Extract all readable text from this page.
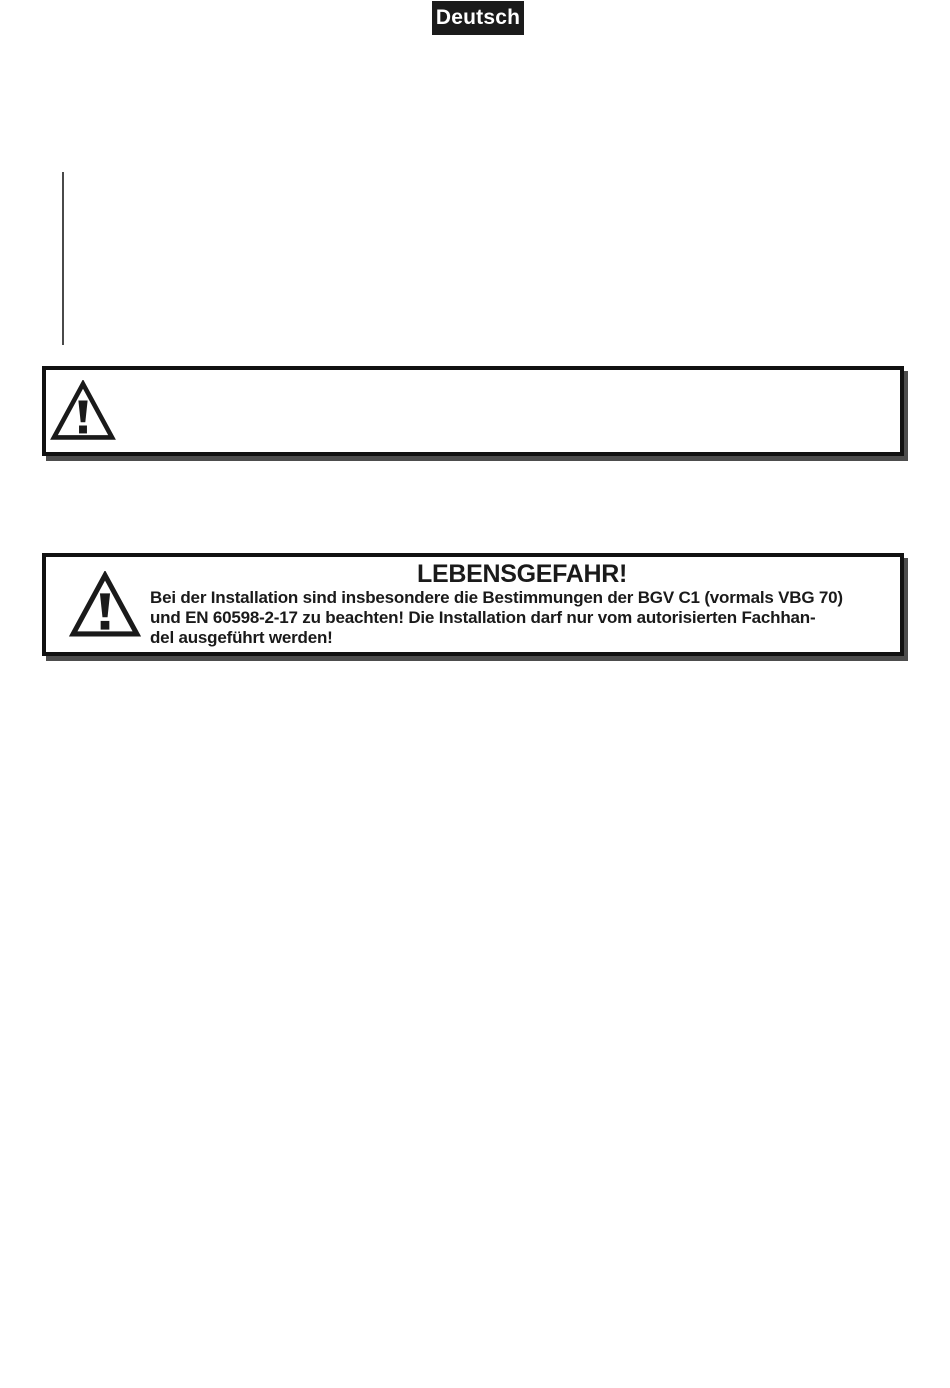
Deutsch
LEBENSGEFAHR!
Bei der Installation sind insbesondere die Bestimmungen der BGV C1 (vormals VBG 70)
und EN 60598-2-17 zu beachten! Die Installation darf nur vom autorisierten Fachhan-
del ausgeführt werden!
